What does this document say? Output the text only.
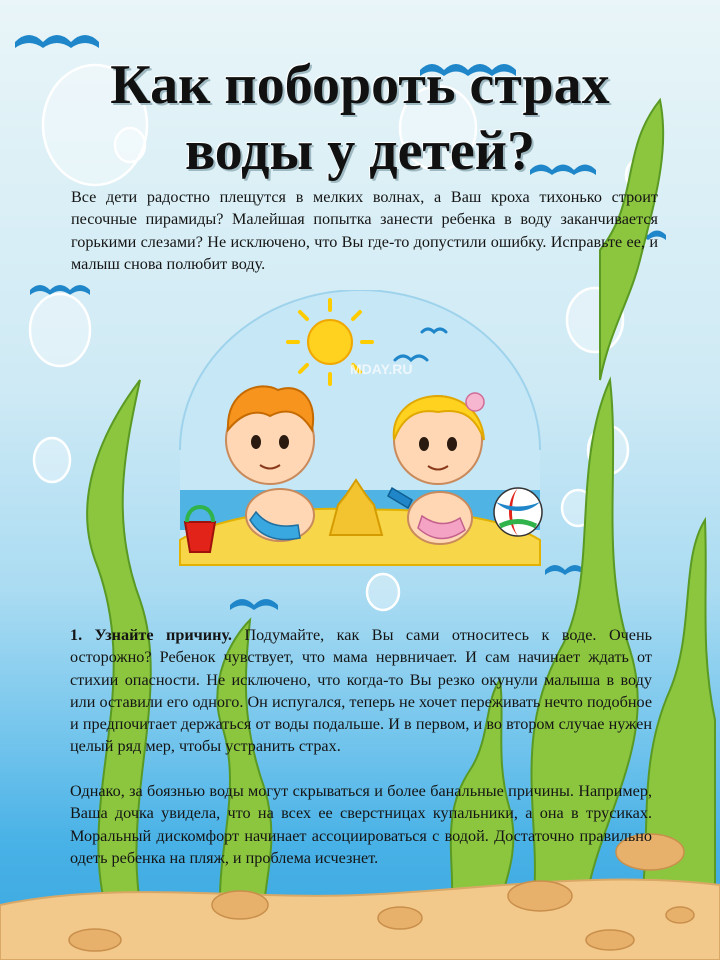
Как побороть страх воды у детей?

Все дети радостно плещутся в мелких волнах, а Ваш кроха тихонько строит песочные пирамиды? Малейшая попытка занести ребенка в воду заканчивается горькими слезами? Не исключено, что Вы где-то допустили ошибку. Исправьте ее, и малыш снова полюбит воду.

MDAY.RU

1. Узнайте причину. Подумайте, как Вы сами относитесь к воде. Очень осторожно? Ребенок чувствует, что мама нервничает. И сам начинает ждать от стихии опасности. Не исключено, что когда-то Вы резко окунули малыша в воду или оставили его одного. Он испугался, теперь не хочет переживать нечто подобное и предпочитает держаться от воды подальше. И в первом, и во втором случае нужен целый ряд мер, чтобы устранить страх.

Однако, за боязнью воды могут скрываться и более банальные причины. Например, Ваша дочка увидела, что на всех ее сверстницах купальники, а она в трусиках. Моральный дискомфорт начинает ассоциироваться с водой. Достаточно правильно одеть ребенка на пляж, и проблема исчезнет.
